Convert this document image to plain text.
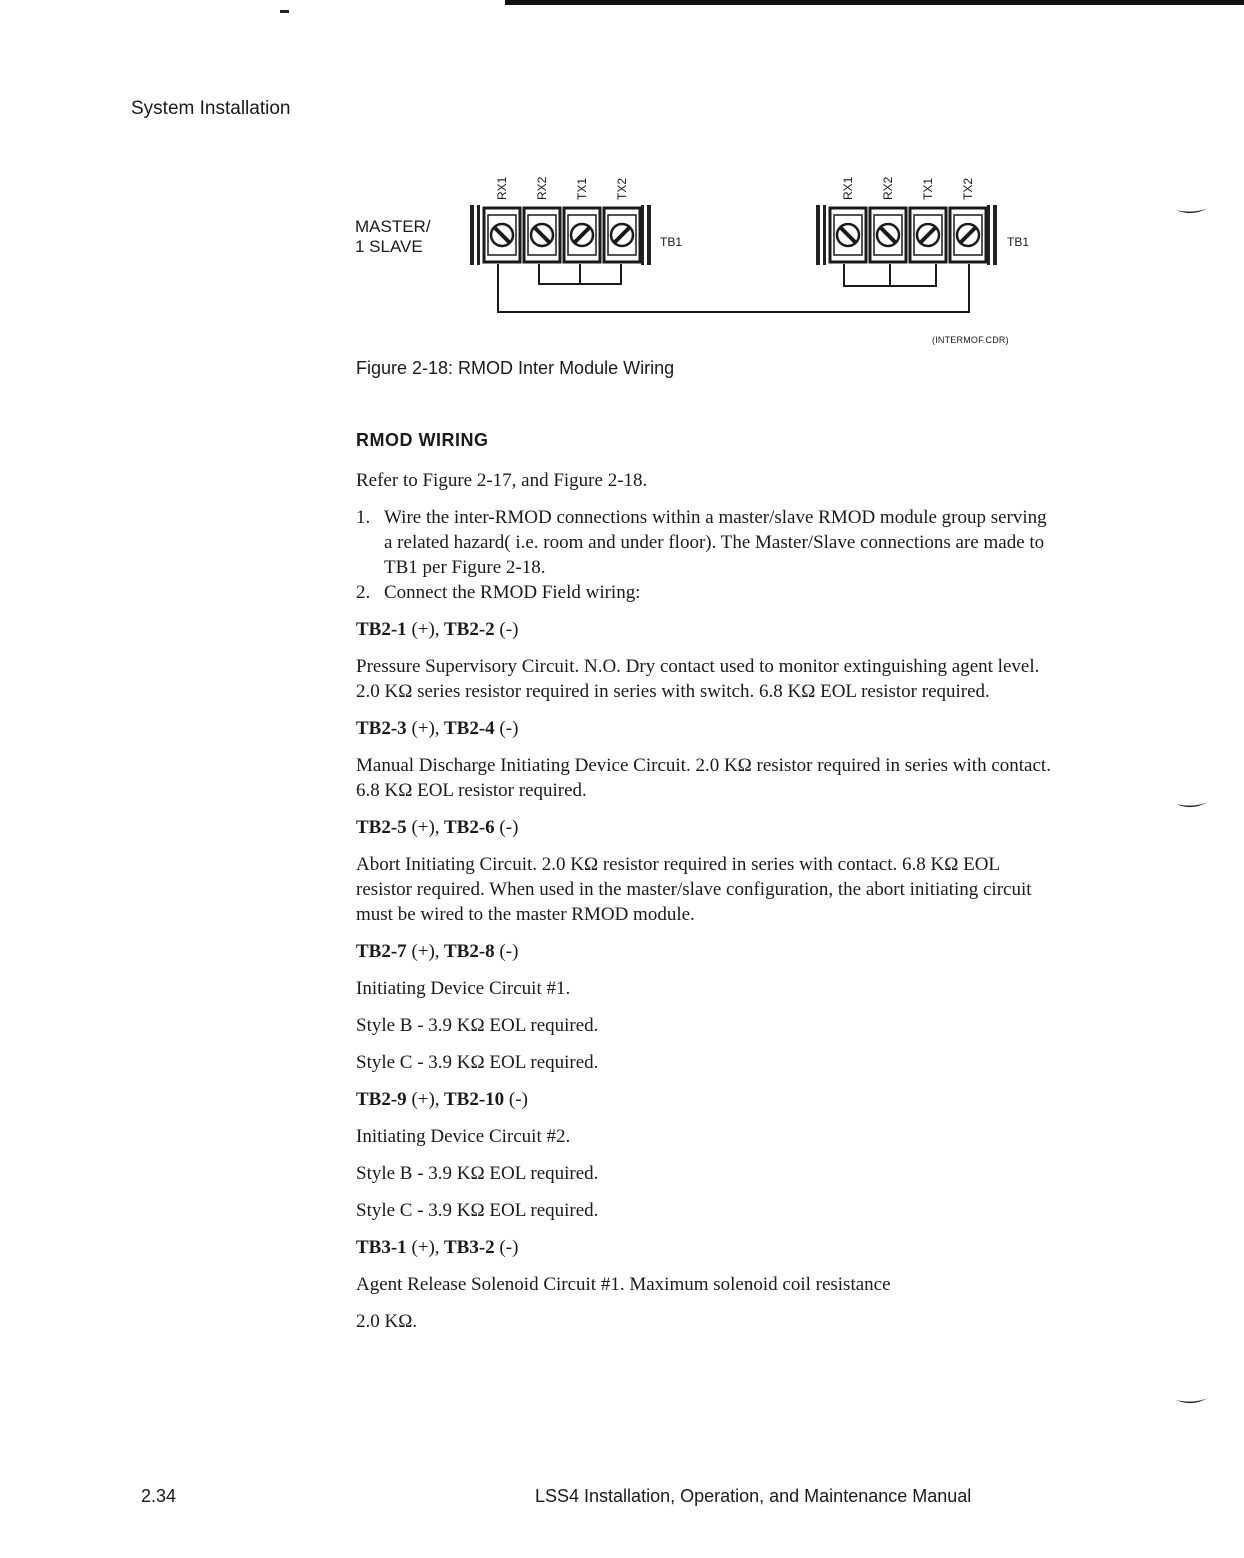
System Installation
MASTER/
1 SLAVE	TB1	TB1
RX1 RX2 TX1 TX2	RX1 RX2 TX1 TX2
(INTERMOF.CDR)
Figure 2-18: RMOD Inter Module Wiring
RMOD WIRING

Refer to Figure 2-17, and Figure 2-18.

1. Wire the inter-RMOD connections within a master/slave RMOD module group serving a related hazard( i.e. room and under floor). The Master/Slave connections are made to TB1 per Figure 2-18.
2. Connect the RMOD Field wiring:

TB2-1 (+), TB2-2 (-)

Pressure Supervisory Circuit. N.O. Dry contact used to monitor extinguishing agent level. 2.0 KΩ series resistor required in series with switch. 6.8 KΩ EOL resistor required.

TB2-3 (+), TB2-4 (-)

Manual Discharge Initiating Device Circuit. 2.0 KΩ resistor required in series with contact. 6.8 KΩ EOL resistor required.

TB2-5 (+), TB2-6 (-)

Abort Initiating Circuit. 2.0 KΩ resistor required in series with contact. 6.8 KΩ EOL resistor required. When used in the master/slave configuration, the abort initiating circuit must be wired to the master RMOD module.

TB2-7 (+), TB2-8 (-)

Initiating Device Circuit #1.

Style B - 3.9 KΩ EOL required.

Style C - 3.9 KΩ EOL required.

TB2-9 (+), TB2-10 (-)

Initiating Device Circuit #2.

Style B - 3.9 KΩ EOL required.

Style C - 3.9 KΩ EOL required.

TB3-1 (+), TB3-2 (-)

Agent Release Solenoid Circuit #1. Maximum solenoid coil resistance

2.0 KΩ.

2.34	LSS4 Installation, Operation, and Maintenance Manual
